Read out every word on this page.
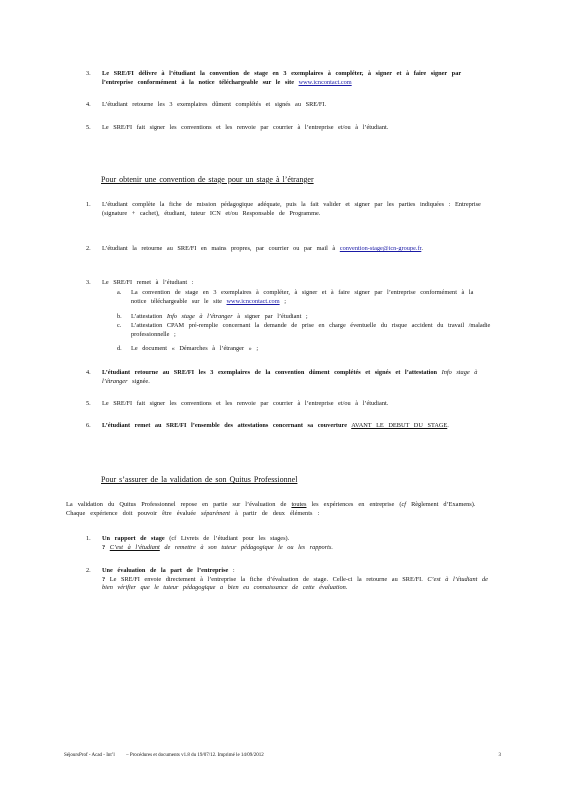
3. Le SRE/FI délivre à l’étudiant la convention de stage en 3 exemplaires à compléter, à signer et à faire signer par l’entreprise conformément à la notice téléchargeable sur le site www.icncontact.com
4. L’étudiant retourne les 3 exemplaires dûment complétés et signés au SRE/FI.
5. Le SRE/FI fait signer les conventions et les renvoie par courrier à l’entreprise et/ou à l’étudiant.
Pour obtenir une convention de stage pour un stage à l’étranger
1. L’étudiant complète la fiche de mission pédagogique adéquate, puis la fait valider et signer par les parties indiquées : Entreprise (signature + cachet), étudiant, tuteur ICN et/ou Responsable de Programme.
2. L’étudiant la retourne au SRE/FI en mains propres, par courrier ou par mail à convention-stage@icn-groupe.fr.
3. Le SRE/FI remet à l’étudiant :
a. La convention de stage en 3 exemplaires à compléter, à signer et à faire signer par l’entreprise conformément à la notice téléchargeable sur le site www.icncontact.com ;
b. L’attestation Info stage à l’étranger à signer par l’étudiant ;
c. L’attestation CPAM pré-remplie concernant la demande de prise en charge éventuelle du risque accident du travail /maladie professionnelle ;
d. Le document « Démarches à l’étranger » ;
4. L’étudiant retourne au SRE/FI les 3 exemplaires de la convention dûment complétés et signés et l’attestation Info stage à l’étranger signée.
5. Le SRE/FI fait signer les conventions et les renvoie par courrier à l’entreprise et/ou à l’étudiant.
6. L’étudiant remet au SRE/FI l’ensemble des attestations concernant sa couverture AVANT LE DEBUT DU STAGE.
Pour s’assurer de la validation de son Quitus Professionnel
La validation du Quitus Professionnel repose en partie sur l’évaluation de toutes les expériences en entreprise (cf Règlement d’Examens). Chaque expérience doit pouvoir être évaluée séparément à partir de deux éléments :
1. Un rapport de stage (cf Livrets de l’étudiant pour les stages).
? C’est à l’étudiant de remettre à son tuteur pédagogique le ou les rapports.
2. Une évaluation de la part de l’entreprise :
? Le SRE/FI envoie directement à l’entreprise la fiche d’évaluation de stage. Celle-ci la retourne au SRE/FI. C’est à l’étudiant de bien vérifier que le tuteur pédagogique a bien eu connaissance de cette évaluation.
SéjoursProf - Acad - Int’l – Procédures et documents v1.8 du 19/07/12. Imprimé le 14/09/2012	3
